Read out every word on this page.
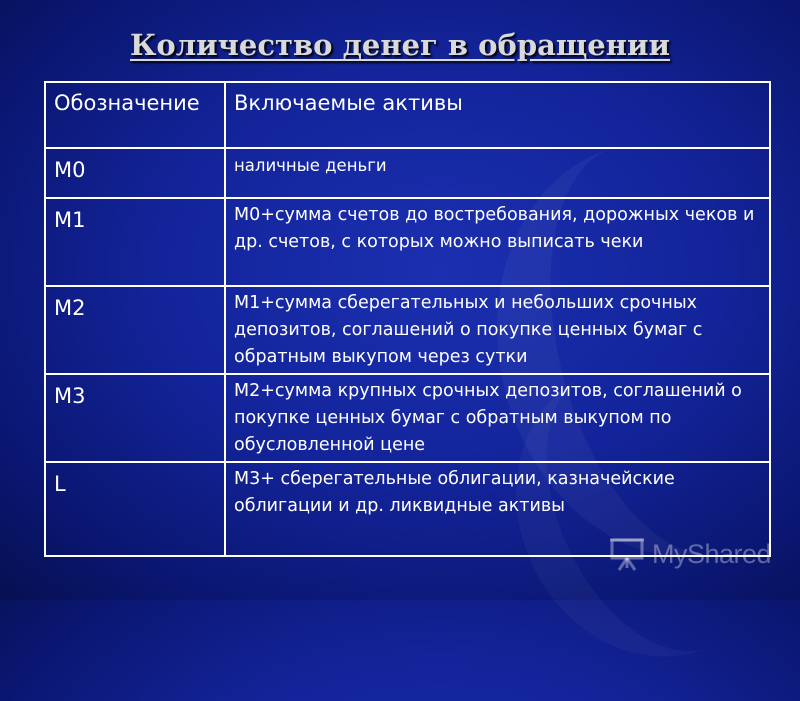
Количество денег в обращении
Обозначение	Включаемые активы
М0	наличные деньги
М1	М0+сумма счетов до востребования, дорожных чеков и др. счетов, с которых можно выписать чеки
М2	М1+сумма сберегательных и небольших срочных депозитов, соглашений о покупке ценных бумаг с обратным выкупом через сутки
М3	М2+сумма крупных срочных депозитов, соглашений о покупке ценных бумаг с обратным выкупом по обусловленной цене
L	М3+ сберегательные облигации, казначейские облигации и др. ликвидные активы
MyShared
